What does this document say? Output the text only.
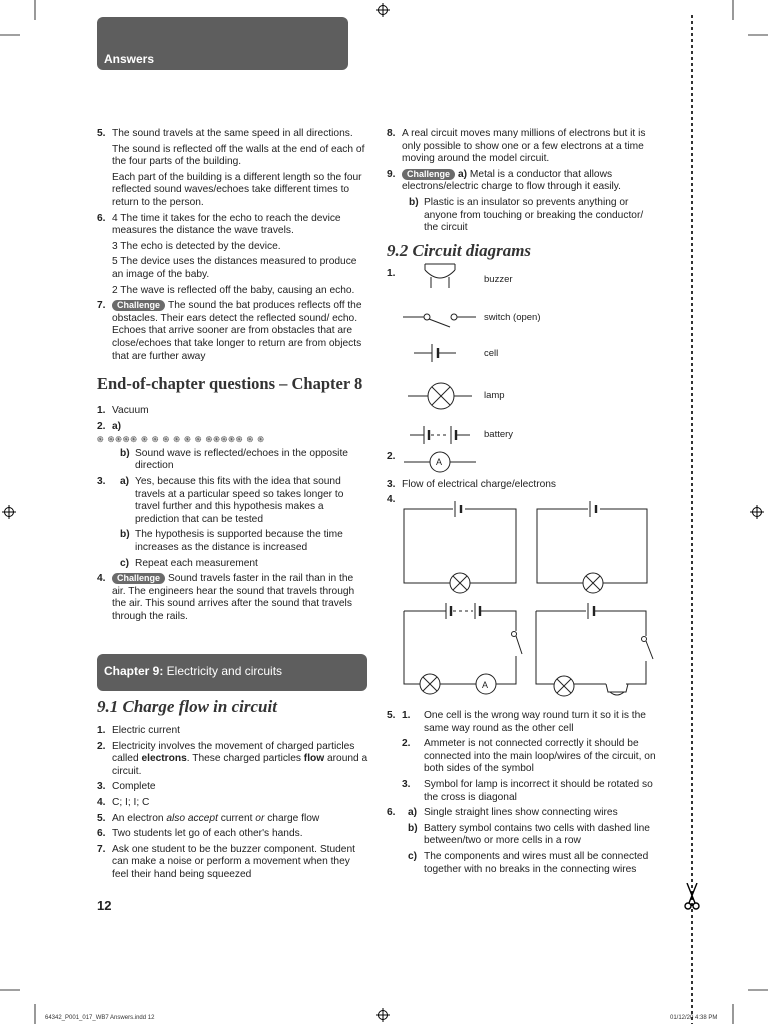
Answers
5. The sound travels at the same speed in all directions.
The sound is reflected off the walls at the end of each of the four parts of the building.
Each part of the building is a different length so the four reflected sound waves/echoes take different times to return to the person.
6. 4 The time it takes for the echo to reach the device measures the distance the wave travels.
3 The echo is detected by the device.
5 The device uses the distances measured to produce an image of the baby.
2 The wave is reflected off the baby, causing an echo.
7.	Challenge The sound the bat produces reflects off the obstacles. Their ears detect the reflected sound/ echo. Echoes that arrive sooner are from obstacles that are close/echoes that take longer to return are from objects that are further away
End-of-chapter questions – Chapter 8
1. Vacuum
2. a)
֍ ֍֍֍֍ ֍ ֍ ֍ ֍ ֍ ֍ ֍֍֍֍֍ ֍ ֍
b) Sound wave is reflected/echoes in the opposite direction
3. a) Yes, because this fits with the idea that sound travels at a particular speed so takes longer to travel further and this hypothesis makes a prediction that can be tested
b) The hypothesis is supported because the time increases as the distance is increased
c) Repeat each measurement
4.	Challenge Sound travels faster in the rail than in the air. The engineers hear the sound that travels through the air. This sound arrives after the sound that travels through the rails.
Chapter 9: Electricity and circuits
9.1 Charge flow in circuit
1. Electric current
2. Electricity involves the movement of charged particles called electrons. These charged particles flow around a circuit.
3. Complete
4. C; I; I; C
5. An electron also accept current or charge flow
6. Two students let go of each other's hands.
7. Ask one student to be the buzzer component. Student can make a noise or perform a movement when they feel their hand being squeezed
12
8. A real circuit moves many millions of electrons but it is only possible to show one or a few electrons at a time moving around the model circuit.
9.	Challenge a) Metal is a conductor that allows electrons/electric charge to flow through it easily.
b) Plastic is an insulator so prevents anything or anyone from touching or breaking the conductor/ the circuit
9.2 Circuit diagrams
1.
buzzer
switch (open)
cell
lamp
battery
2.	A
3. Flow of electrical charge/electrons
4.
A
5. 1. One cell is the wrong way round turn it so it is the same way round as the other cell
2. Ammeter is not connected correctly it should be connected into the main loop/wires of the circuit, on both sides of the symbol
3. Symbol for lamp is incorrect it should be rotated so the cross is diagonal
6. a) Single straight lines show connecting wires
b) Battery symbol contains two cells with dashed line between/two or more cells in a row
c) The components and wires must all be connected together with no breaks in the connecting wires
64342_P001_017_WB7 Answers.indd 12	01/12/20 4:38 PM
